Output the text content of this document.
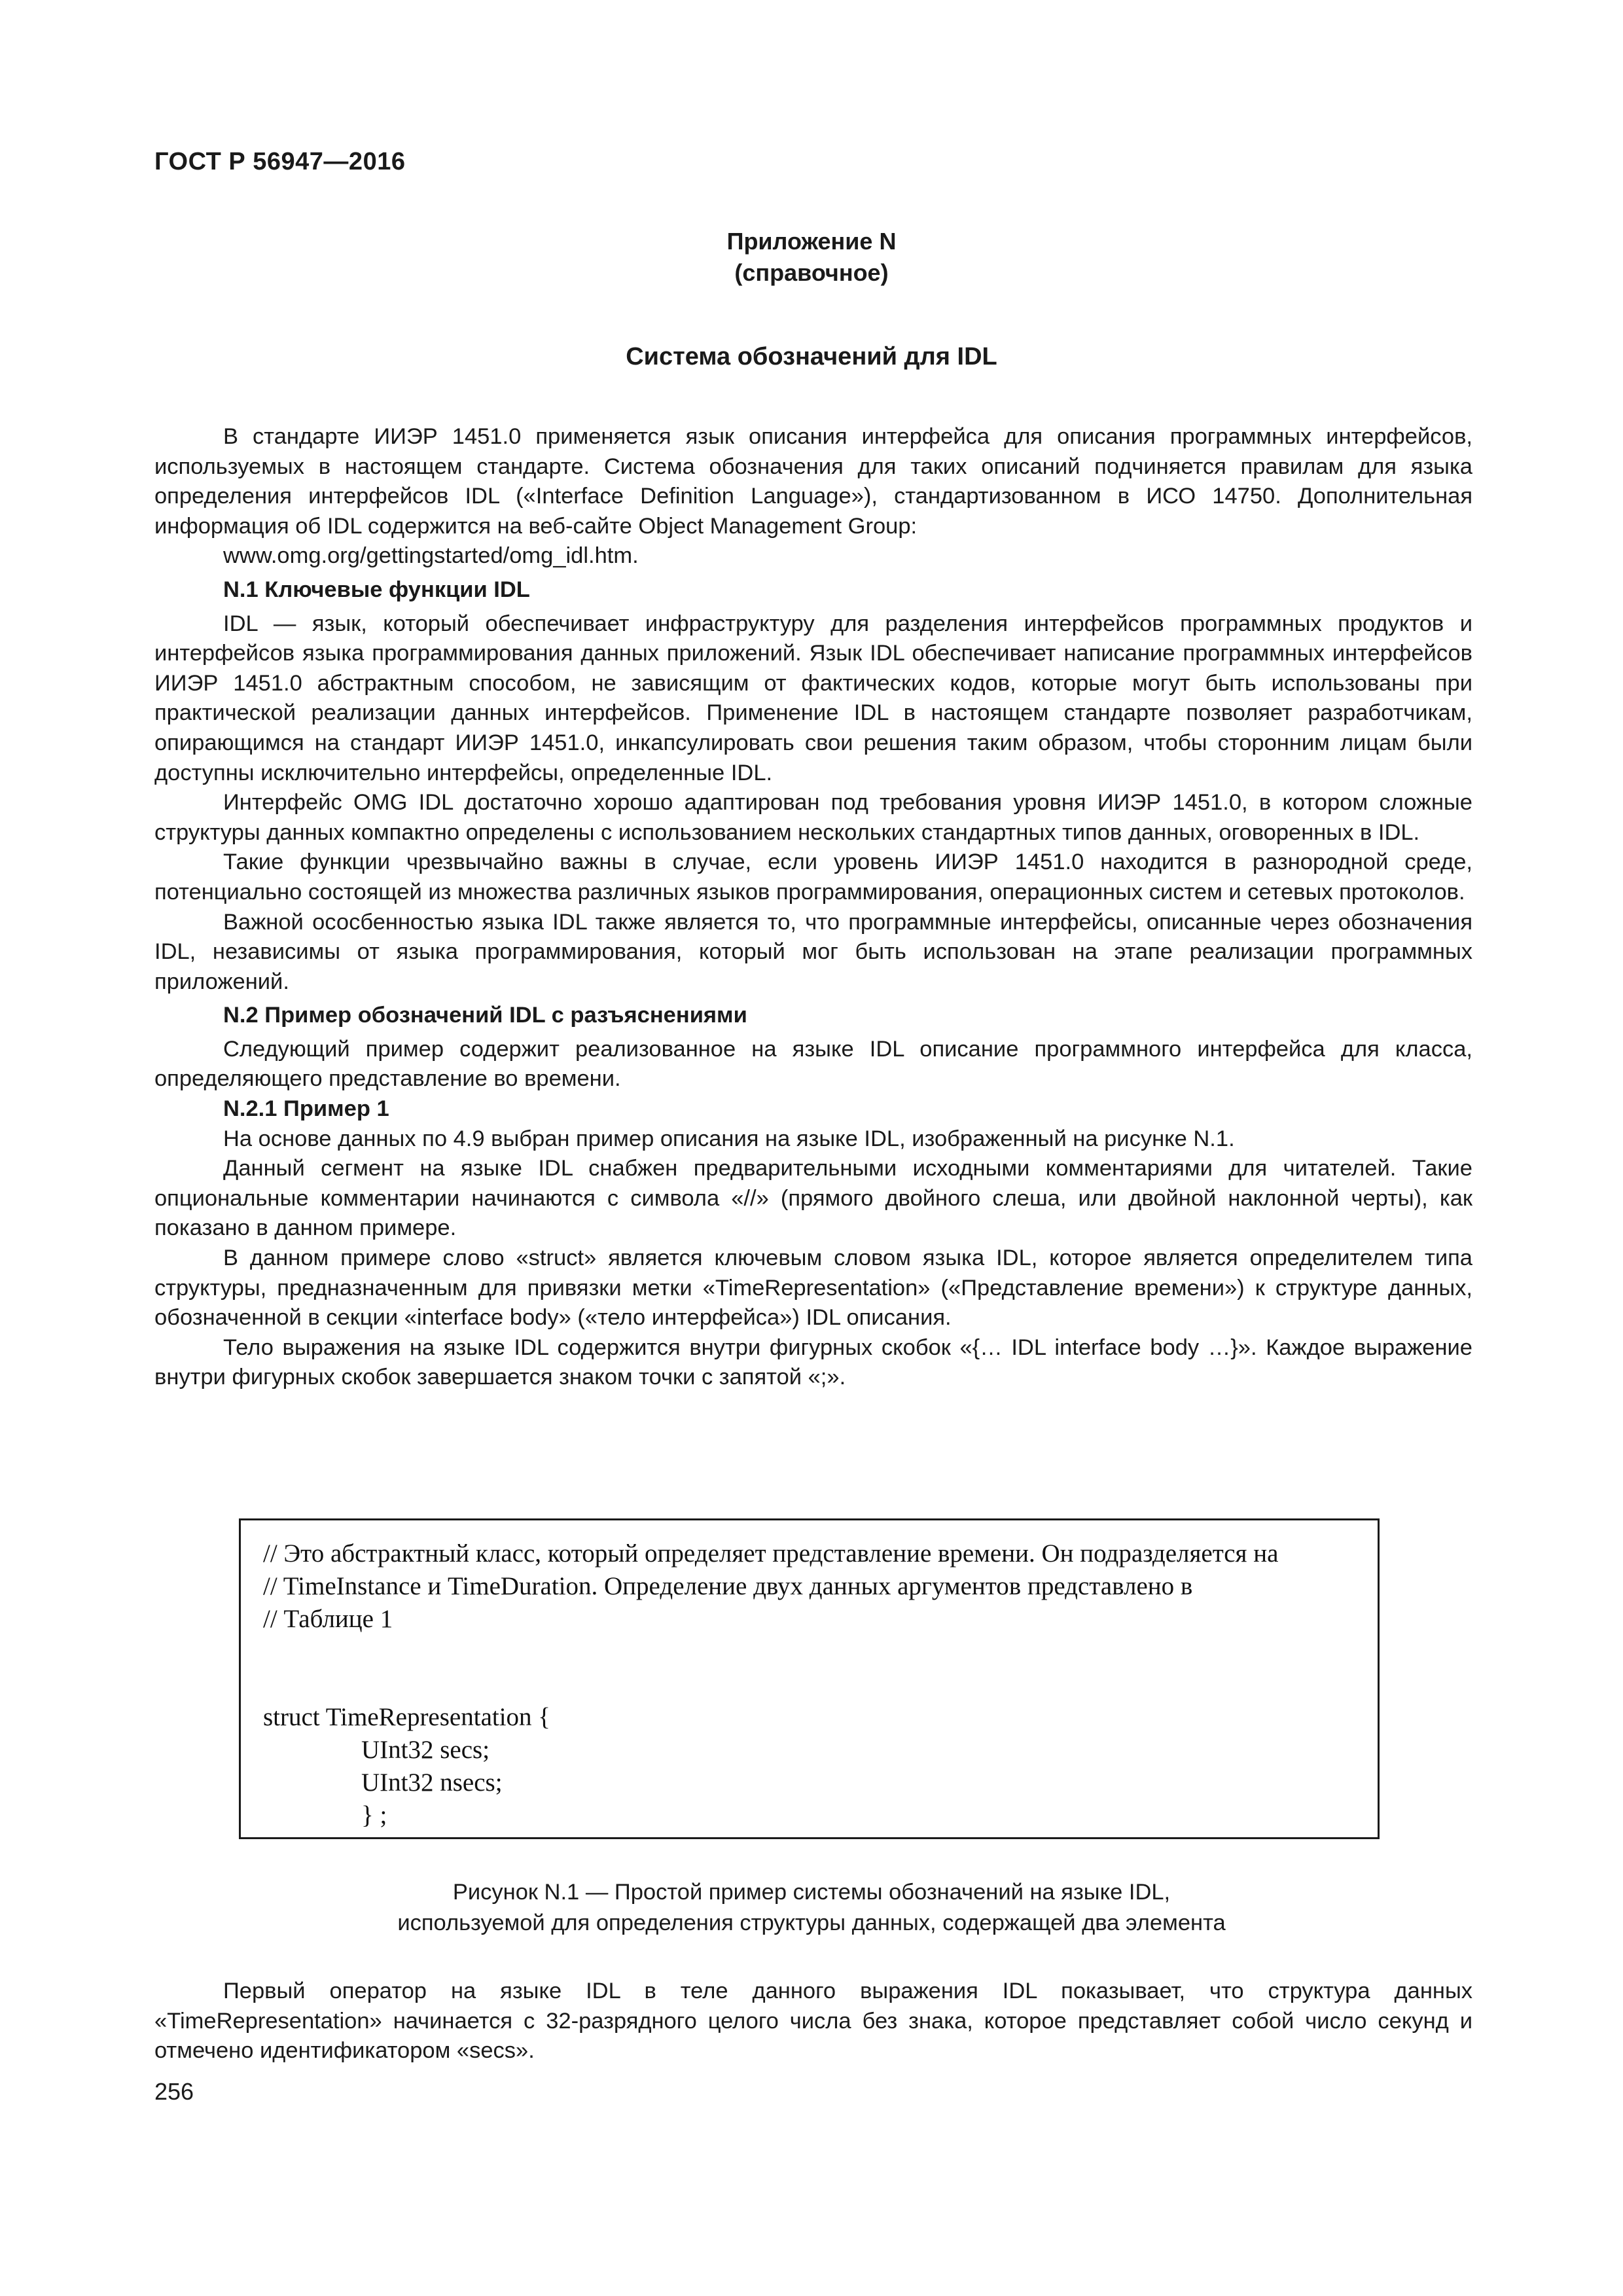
ГОСТ Р 56947—2016
Приложение N
(справочное)
Система обозначений для IDL

В стандарте ИИЭР 1451.0 применяется язык описания интерфейса для описания программных интерфейсов, используемых в настоящем стандарте. Система обозначения для таких описаний подчиняется правилам для языка определения интерфейсов IDL («Interface Definition Language»), стандартизованном в ИСО 14750. Дополнительная информация об IDL содержится на веб-сайте Object Management Group:

www.omg.org/gettingstarted/omg_idl.htm.

N.1 Ключевые функции IDL

IDL — язык, который обеспечивает инфраструктуру для разделения интерфейсов программных продуктов и интерфейсов языка программирования данных приложений. Язык IDL обеспечивает написание программных интерфейсов ИИЭР 1451.0 абстрактным способом, не зависящим от фактических кодов, которые могут быть использованы при практической реализации данных интерфейсов. Применение IDL в настоящем стандарте позволяет разработчикам, опирающимся на стандарт ИИЭР 1451.0, инкапсулировать свои решения таким образом, чтобы сторонним лицам были доступны исключительно интерфейсы, определенные IDL.

Интерфейс OMG IDL достаточно хорошо адаптирован под требования уровня ИИЭР 1451.0, в котором сложные структуры данных компактно определены с использованием нескольких стандартных типов данных, оговоренных в IDL.

Такие функции чрезвычайно важны в случае, если уровень ИИЭР 1451.0 находится в разнородной среде, потенциально состоящей из множества различных языков программирования, операционных систем и сетевых протоколов.

Важной ососбенностью языка IDL также является то, что программные интерфейсы, описанные через обозначения IDL, независимы от языка программирования, который мог быть использован на этапе реализации программных приложений.

N.2 Пример обозначений IDL с разъяснениями

Следующий пример содержит реализованное на языке IDL описание программного интерфейса для класса, определяющего представление во времени.

N.2.1 Пример 1

На основе данных по 4.9 выбран пример описания на языке IDL, изображенный на рисунке N.1.

Данный сегмент на языке IDL снабжен предварительными исходными комментариями для читателей. Такие опциональные комментарии начинаются с символа «//» (прямого двойного слеша, или двойной наклонной черты), как показано в данном примере.

В данном примере слово «struct» является ключевым словом языка IDL, которое является определителем типа структуры, предназначенным для привязки метки «TimeRepresentation» («Представление времени») к структуре данных, обозначенной в секции «interface body» («тело интерфейса») IDL описания.

Тело выражения на языке IDL содержится внутри фигурных скобок «{… IDL interface body …}». Каждое выражение внутри фигурных скобок завершается знаком точки с запятой «;».

// Это абстрактный класс, который определяет представление времени. Он подразделяется на
// TimeInstance и TimeDuration. Определение двух данных аргументов представлено в
// Таблице 1
struct TimeRepresentation {
UInt32 secs;
UInt32 nsecs;
} ;
Рисунок N.1 — Простой пример системы обозначений на языке IDL,
используемой для определения структуры данных, содержащей два элемента

Первый оператор на языке IDL в теле данного выражения IDL показывает, что структура данных «TimeRepresentation» начинается с 32-разрядного целого числа без знака, которое представляет собой число секунд и отмечено идентификатором «secs».

256
